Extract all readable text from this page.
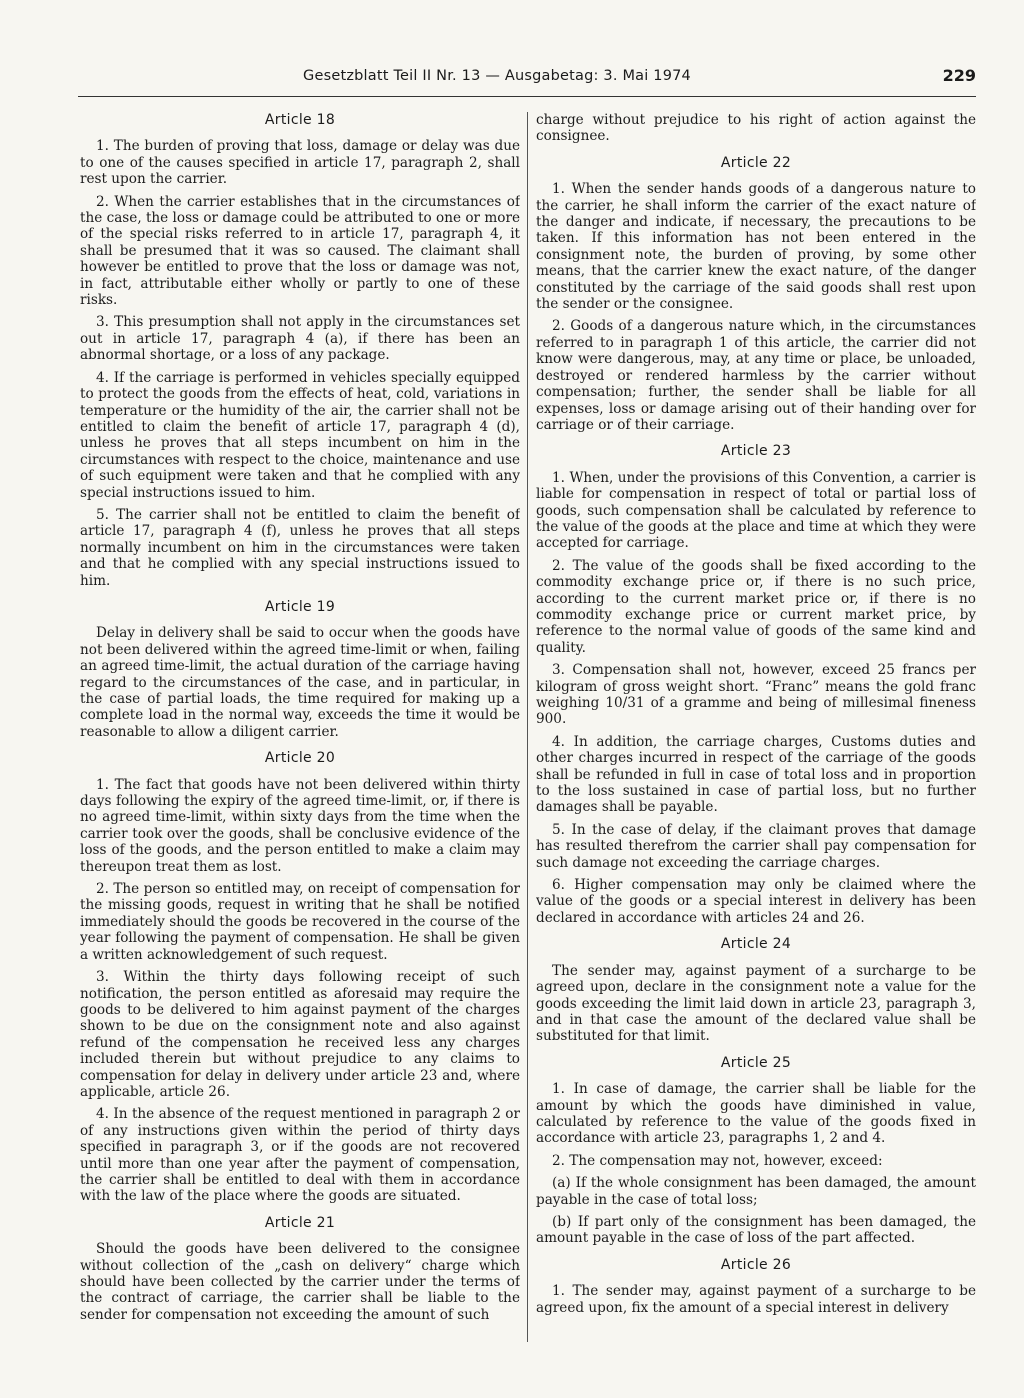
Gesetzblatt Teil II Nr. 13 — Ausgabetag: 3. Mai 1974	229
Article 18

1. The burden of proving that loss, damage or delay was due to one of the causes specified in article 17, paragraph 2, shall rest upon the carrier.

2. When the carrier establishes that in the circumstances of the case, the loss or damage could be attributed to one or more of the special risks referred to in article 17, paragraph 4, it shall be presumed that it was so caused. The claimant shall however be entitled to prove that the loss or damage was not, in fact, attributable either wholly or partly to one of these risks.

3. This presumption shall not apply in the circumstances set out in article 17, paragraph 4 (a), if there has been an abnormal shortage, or a loss of any package.

4. If the carriage is performed in vehicles specially equipped to protect the goods from the effects of heat, cold, variations in temperature or the humidity of the air, the carrier shall not be entitled to claim the benefit of article 17, paragraph 4 (d), unless he proves that all steps incumbent on him in the circumstances with respect to the choice, maintenance and use of such equipment were taken and that he complied with any special instructions issued to him.

5. The carrier shall not be entitled to claim the benefit of article 17, paragraph 4 (f), unless he proves that all steps normally incumbent on him in the circumstances were taken and that he complied with any special instructions issued to him.

Article 19

Delay in delivery shall be said to occur when the goods have not been delivered within the agreed time-limit or when, failing an agreed time-limit, the actual duration of the carriage having regard to the circumstances of the case, and in particular, in the case of partial loads, the time required for making up a complete load in the normal way, exceeds the time it would be reasonable to allow a diligent carrier.

Article 20

1. The fact that goods have not been delivered within thirty days following the expiry of the agreed time-limit, or, if there is no agreed time-limit, within sixty days from the time when the carrier took over the goods, shall be conclusive evidence of the loss of the goods, and the person entitled to make a claim may thereupon treat them as lost.

2. The person so entitled may, on receipt of compensation for the missing goods, request in writing that he shall be notified immediately should the goods be recovered in the course of the year following the payment of compensation. He shall be given a written acknowledgement of such request.

3. Within the thirty days following receipt of such notification, the person entitled as aforesaid may require the goods to be delivered to him against payment of the charges shown to be due on the consignment note and also against refund of the compensation he received less any charges included therein but without prejudice to any claims to compensation for delay in delivery under article 23 and, where applicable, article 26.

4. In the absence of the request mentioned in paragraph 2 or of any instructions given within the period of thirty days specified in paragraph 3, or if the goods are not recovered until more than one year after the payment of compensation, the carrier shall be entitled to deal with them in accordance with the law of the place where the goods are situated.

Article 21

Should the goods have been delivered to the consignee without collection of the „cash on delivery“ charge which should have been collected by the carrier under the terms of the contract of carriage, the carrier shall be liable to the sender for compensation not exceeding the amount of such

charge without prejudice to his right of action against the consignee.

Article 22

1. When the sender hands goods of a dangerous nature to the carrier, he shall inform the carrier of the exact nature of the danger and indicate, if necessary, the precautions to be taken. If this information has not been entered in the consignment note, the burden of proving, by some other means, that the carrier knew the exact nature, of the danger constituted by the carriage of the said goods shall rest upon the sender or the consignee.

2. Goods of a dangerous nature which, in the circumstances referred to in paragraph 1 of this article, the carrier did not know were dangerous, may, at any time or place, be unloaded, destroyed or rendered harmless by the carrier without compensation; further, the sender shall be liable for all expenses, loss or damage arising out of their handing over for carriage or of their carriage.

Article 23

1. When, under the provisions of this Convention, a carrier is liable for compensation in respect of total or partial loss of goods, such compensation shall be calculated by reference to the value of the goods at the place and time at which they were accepted for carriage.

2. The value of the goods shall be fixed according to the commodity exchange price or, if there is no such price, according to the current market price or, if there is no commodity exchange price or current market price, by reference to the normal value of goods of the same kind and quality.

3. Compensation shall not, however, exceed 25 francs per kilogram of gross weight short. “Franc” means the gold franc weighing 10/31 of a gramme and being of millesimal fineness 900.

4. In addition, the carriage charges, Customs duties and other charges incurred in respect of the carriage of the goods shall be refunded in full in case of total loss and in proportion to the loss sustained in case of partial loss, but no further damages shall be payable.

5. In the case of delay, if the claimant proves that damage has resulted therefrom the carrier shall pay compensation for such damage not exceeding the carriage charges.

6. Higher compensation may only be claimed where the value of the goods or a special interest in delivery has been declared in accordance with articles 24 and 26.

Article 24

The sender may, against payment of a surcharge to be agreed upon, declare in the consignment note a value for the goods exceeding the limit laid down in article 23, paragraph 3, and in that case the amount of the declared value shall be substituted for that limit.

Article 25

1. In case of damage, the carrier shall be liable for the amount by which the goods have diminished in value, calculated by reference to the value of the goods fixed in accordance with article 23, paragraphs 1, 2 and 4.

2. The compensation may not, however, exceed:

(a) If the whole consignment has been damaged, the amount payable in the case of total loss;

(b) If part only of the consignment has been damaged, the amount payable in the case of loss of the part affected.

Article 26

1. The sender may, against payment of a surcharge to be agreed upon, fix the amount of a special interest in delivery
